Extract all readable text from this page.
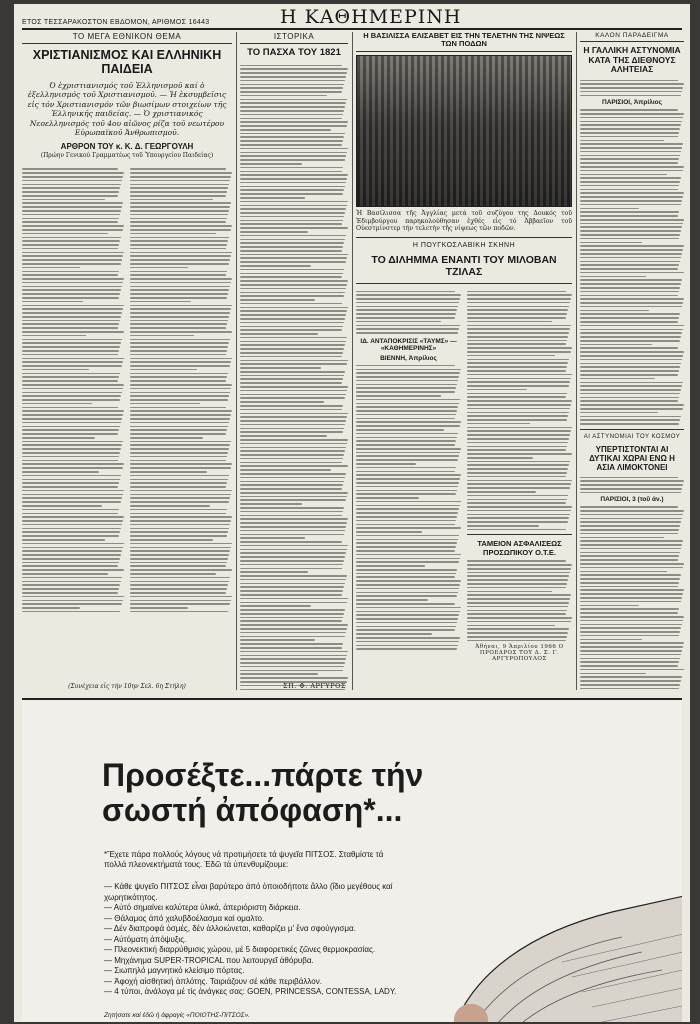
ΕΤΟΣ ΤΕΣΣΑΡΑΚΟΣΤΟΝ ΕΒΔΟΜΟΝ, ΑΡΙΘΜΟΣ 16443	Η ΚΑΘΗΜΕΡΙΝΗ
ΤΟ ΜΕΓΑ ΕΘΝΙΚΟΝ ΘΕΜΑ
ΧΡΙΣΤΙΑΝΙΣΜΟΣ ΚΑΙ ΕΛΛΗΝΙΚΗ ΠΑΙΔΕΙΑ
Ό ἑχριστιανισμός τοῦ Ἑλληνισμοῦ καί ὁ ἐξελληνισμός τοῦ Χριστιανισμοῦ. — Ἡ ἐκσυμβεῖσις εἰς τόν Χριστιανισμόν τῶν βιωσίμων στοιχείων τῆς Ἑλληνικῆς παιδείας. — Ὁ χριστιανικός Νεοελληνισμός τοῦ 4ου αἰῶνος ρίζα τοῦ νεωτέρου Εὐρωπαϊκοῦ Ἀνθρωπισμοῦ.
ΑΡΘΡΟΝ ΤΟΥ κ. Κ. Δ. ΓΕΩΡΓΟΥΛΗ
(Πρώην Γενικού Γραμματέως τοῦ Ὑπουργείου Παιδείας)
(Συνέχεια εἰς τήν 10ην Σελ. 6η Στήλη)
ΙΣΤΟΡΙΚΑ
ΤΟ ΠΑΣΧΑ ΤΟΥ 1821
ΣΠ. Φ. ΑΡΓΥΡΟΣ
Η ΒΑΣΙΛΙΣΣΑ ΕΛΙΣΑΒΕΤ ΕΙΣ ΤΗΝ ΤΕΛΕΤΗΝ ΤΗΣ ΝΙΨΕΩΣ ΤΩΝ ΠΟΔΩΝ
Ἡ Βασίλισσα τῆς Ἀγγλίας μετά τοῦ συζύγου της Δουκός τοῦ Ἐδιμβούργου παρηκολούθησαν ἐχθές εἰς τό Ἀββαεῖον τοῦ Οὐεστμίνστερ τήν τελετήν τῆς νίψεως τῶν ποδῶν.
Η ΠΟΥΓΚΟΣΛΑΒΙΚΗ ΣΚΗΝΗ
ΤΟ ΔΙΛΗΜΜΑ ΕΝΑΝΤΙ ΤΟΥ ΜΙΛΟΒΑΝ ΤΖΙΛΑΣ
ΙΔ. ΑΝΤΑΠΟΚΡΙΣΙΣ «ΤΑΥΜΣ» — «ΚΑΘΗΜΕΡΙΝΗΣ»
ΒΙΕΝΝΗ, Ἀπρίλιος
ΤΑΜΕΙΟΝ ΑΣΦΑΛΙΣΕΩΣ ΠΡΟΣΩΠΙΚΟΥ Ο.Τ.Ε.
Ἀθήναι, 9 Ἀπριλίου 1966 Ο ΠΡΟΕΔΡΟΣ ΤΟΥ Δ. Σ. Γ. ΑΡΓΥΡΟΠΟΥΛΟΣ
ΚΑΛΟΝ ΠΑΡΑΔΕΙΓΜΑ
Η ΓΑΛΛΙΚΗ ΑΣΤΥΝΟΜΙΑ ΚΑΤΑ ΤΗΣ ΔΙΕΘΝΟΥΣ ΑΛΗΤΕΙΑΣ
ΠΑΡΙΣΙΟΙ, Ἀπρίλιος
ΑΙ ΑΣΤΥΝΟΜΙΑΙ ΤΟΥ ΚΟΣΜΟΥ
ΥΠΕΡΤΙΣΤΟΝΤΑΙ ΑΙ ΔΥΤΙΚΑΙ ΧΩΡΑΙ ΕΝΩ Η ΑΣΙΑ ΛΙΜΟΚΤΟΝΕΙ
ΠΑΡΙΣΙΟΙ, 3 (τοῦ ἀν.)
Προσέξτε...πάρτε τήν
σωστή ἀπόφαση*...
*Ἔχετε πάρα πολλούς λόγους νά προτιμήσετε τά ψυγεῖα ΠΙΤΣΟΣ. Σταθμίστε τά πολλά πλεονεκτήματά τους. Ἐδῶ τά ὑπενθυμίζουμε:
— Κάθε ψυγεῖο ΠΙΤΣΟΣ εἶναι βαρύτερο ἀπό ὁποιοδήποτε ἄλλο (ἴδιο μεγέθους καί χωρητικότητος.
— Αὐτό σημαίνει καλύτερα ὑλικά, ἀπεριόριστη διάρκεια.
— Θάλαμος ἀπό χαλυβδοέλασμα καί ομαλτο.
— Δέν διαπροφά ὁσμές, δέν ἀλλοιώνεται, καθαρίζει μ' ἕνα σφούγγισμα.
— Αὐτόματη ἀπόψυξις.
— Πλεονεκτική διαρρύθμισις χώρου, μέ 5 διαφορετικές ζῶνες θερμοκρασίας.
— Μηχάνημα SUPER-TROPICAL που λειτουργεῖ ἀθόρυβα.
— Σιωπηλό μαγνητικό κλείσιμο πόρτας.
— Ἀφοχή αἰσθητική ἀπλότης. Ταιριάζουν σέ κάθε περιβάλλον.
— 4 τύποι, ἀνάλογα μέ τίς ἀνάγκες σας: GOEN, PRINCESSA, CONTESSA, LADY.
Ζητήσατε καί ἐδῶ ἡ ἀφραγίς «ΠΟΙΟΤΗΣ-ΠΙΤΣΟΣ».
